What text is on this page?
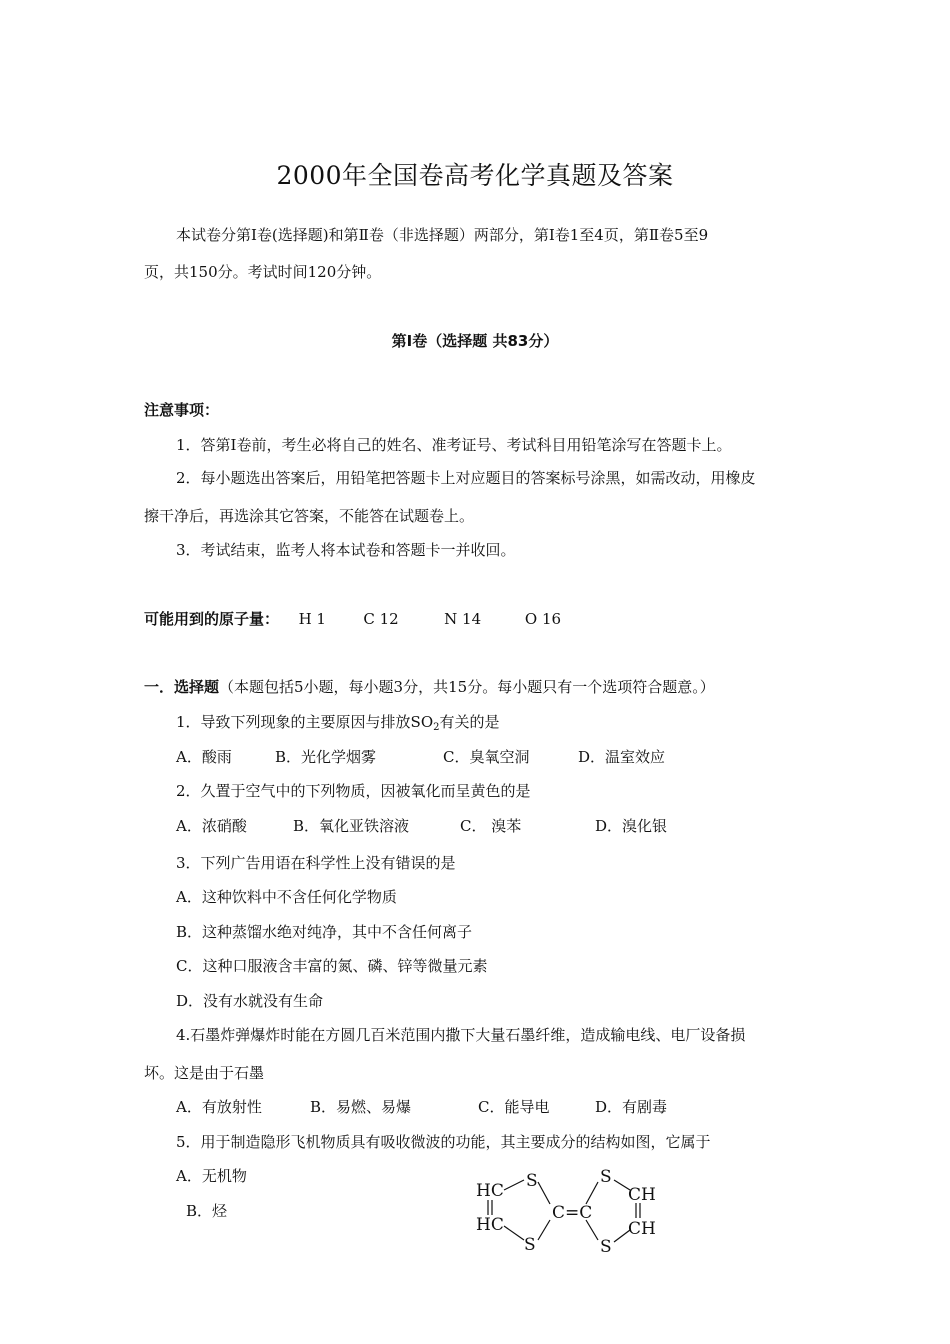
2000年全国卷高考化学真题及答案
本试卷分第Ⅰ卷(选择题)和第Ⅱ卷（非选择题）两部分，第Ⅰ卷1至4页，第Ⅱ卷5至9
页，共150分。考试时间120分钟。
第Ⅰ卷（选择题 共83分）
注意事项：
1．答第Ⅰ卷前，考生必将自己的姓名、准考证号、考试科目用铅笔涂写在答题卡上。
2．每小题选出答案后，用铅笔把答题卡上对应题目的答案标号涂黑，如需改动，用橡皮
擦干净后，再选涂其它答案，不能答在试题卷上。
3．考试结束，监考人将本试卷和答题卡一并收回。
可能用到的原子量： H 1 C 12	N 14	O 16
一．选择题（本题包括5小题，每小题3分，共15分。每小题只有一个选项符合题意。）
1．导致下列现象的主要原因与排放$SO_2$有关的是
A．酸雨	B．光化学烟雾	C．臭氧空洞	D．温室效应
2．久置于空气中的下列物质，因被氧化而呈黄色的是
A．浓硝酸	B．氧化亚铁溶液	C． 溴苯	D．溴化银
3．下列广告用语在科学性上没有错误的是
A．这种饮料中不含任何化学物质
B．这种蒸馏水绝对纯净，其中不含任何离子
C．这种口服液含丰富的氮、磷、锌等微量元素
D．没有水就没有生命
4.石墨炸弹爆炸时能在方圆几百米范围内撒下大量石墨纤维，造成输电线、电厂设备损
坏。这是由于石墨
A．有放射性	B．易燃、易爆	C．能导电	D．有剧毒
5．用于制造隐形飞机物质具有吸收微波的功能，其主要成分的结构如图，它属于
A．无机物
B．烃
HC
HC
S
S
C=C
S
S
CH
CH
